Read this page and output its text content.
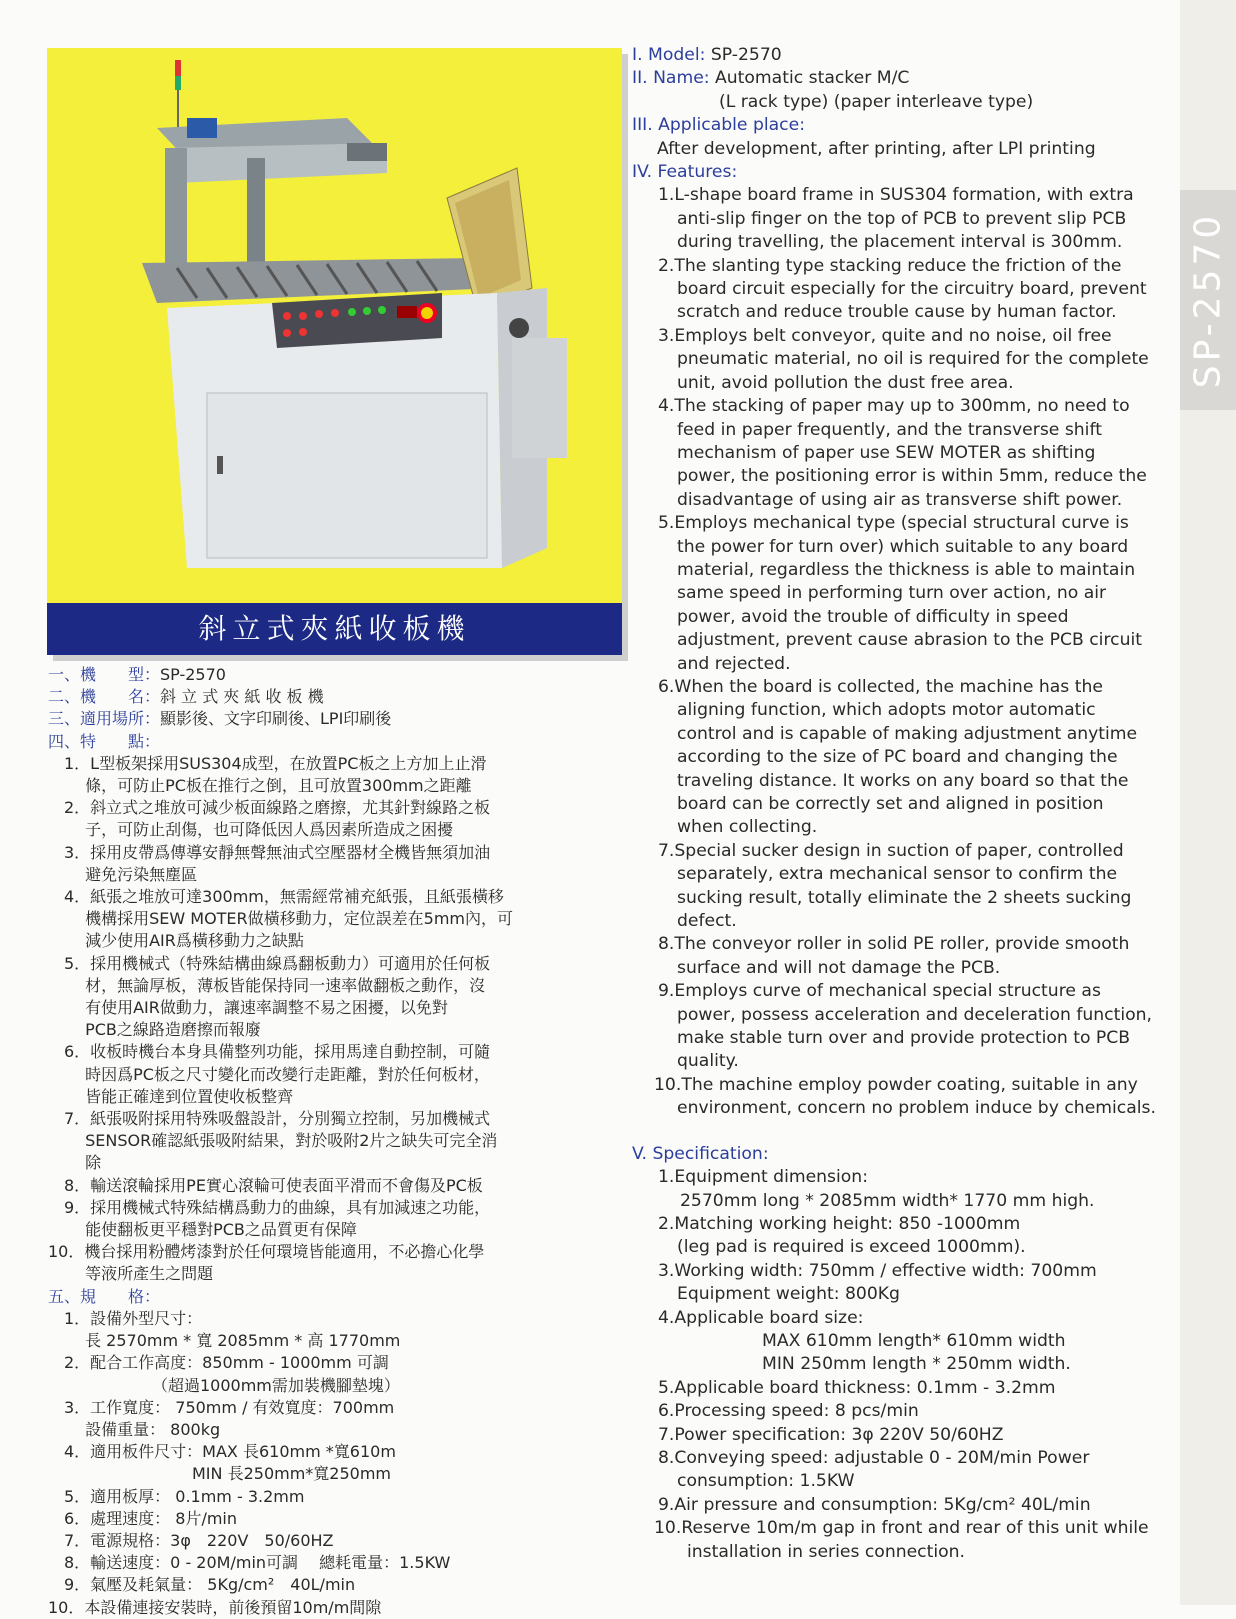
SP-2570
斜立式夾紙收板機
一、機　　型：SP-2570
二、機　　名：斜 立 式 夾 紙 收 板 機
三、適用場所：顯影後、文字印刷後、LPI印刷後
四、特　　點：
　1．L型板架採用SUS304成型，在放置PC板之上方加上止滑
　　 條，可防止PC板在推行之倒，且可放置300mm之距離
　2．斜立式之堆放可減少板面線路之磨擦，尤其針對線路之板
　　 子，可防止刮傷，也可降低因人爲因素所造成之困擾
　3．採用皮帶爲傳導安靜無聲無油式空壓器材全機皆無須加油
　　 避免污染無塵區
　4．紙張之堆放可達300mm，無需經常補充紙張，且紙張橫移
　　 機構採用SEW MOTER做橫移動力，定位誤差在5mm內，可
　　 減少使用AIR爲橫移動力之缺點
　5．採用機械式（特殊結構曲線爲翻板動力）可適用於任何板
　　 材，無論厚板，薄板皆能保持同一速率做翻板之動作，沒
　　 有使用AIR做動力，讓速率調整不易之困擾，以免對
　　 PCB之線路造磨擦而報廢
　6．收板時機台本身具備整列功能，採用馬達自動控制，可隨
　　 時因爲PC板之尺寸變化而改變行走距離，對於任何板材，
　　 皆能正確達到位置使收板整齊
　7．紙張吸附採用特殊吸盤設計，分別獨立控制，另加機械式
　　 SENSOR確認紙張吸附結果，對於吸附2片之缺失可完全消
　　 除
　8．輸送滾輪採用PE實心滾輪可使表面平滑而不會傷及PC板
　9．採用機械式特殊結構爲動力的曲線，具有加減速之功能，
　　 能使翻板更平穩對PCB之品質更有保障
10．機台採用粉體烤漆對於任何環境皆能適用，不必擔心化學
　　 等液所產生之問題
五、規　　格：
　1．設備外型尺寸：
　　 長 2570mm * 寬 2085mm * 高 1770mm
　2．配合工作高度：850mm - 1000mm 可調
　　　　　　　（超過1000mm需加裝機腳墊塊）
　3．工作寬度： 750mm / 有效寬度：700mm
　　 設備重量： 800kg
　4．適用板件尺寸：MAX 長610mm *寬610m
　　　　　　　　　MIN 長250mm*寬250mm
　5．適用板厚： 0.1mm - 3.2mm
　6．處理速度： 8片/min
　7．電源規格：3φ　220V　50/60HZ
　8．輸送速度：0 - 20M/min可調　 總耗電量：1.5KW
　9．氣壓及耗氣量： 5Kg/cm²　40L/min
10．本設備連接安裝時，前後預留10m/m間隙
I. Model: SP-2570
II. Name: Automatic stacker M/C
(L rack type) (paper interleave type)
III. Applicable place:
After development, after printing, after LPI printing
IV. Features:
1.L-shape board frame in SUS304 formation, with extra
anti-slip finger on the top of PCB to prevent slip PCB
during travelling, the placement interval is 300mm.
2.The slanting type stacking reduce the friction of the
board circuit especially for the circuitry board, prevent
scratch and reduce trouble cause by human factor.
3.Employs belt conveyor, quite and no noise, oil free
pneumatic material, no oil is required for the complete
unit, avoid pollution the dust free area.
4.The stacking of paper may up to 300mm, no need to
feed in paper frequently, and the transverse shift
mechanism of paper use SEW MOTER as shifting
power, the positioning error is within 5mm, reduce the
disadvantage of using air as transverse shift power.
5.Employs mechanical type (special structural curve is
the power for turn over) which suitable to any board
material, regardless the thickness is able to maintain
same speed in performing turn over action, no air
power, avoid the trouble of difficulty in speed
adjustment, prevent cause abrasion to the PCB circuit
and rejected.
6.When the board is collected, the machine has the
aligning function, which adopts motor automatic
control and is capable of making adjustment anytime
according to the size of PC board and changing the
traveling distance. It works on any board so that the
board can be correctly set and aligned in position
when collecting.
7.Special sucker design in suction of paper, controlled
separately, extra mechanical sensor to confirm the
sucking result, totally eliminate the 2 sheets sucking
defect.
8.The conveyor roller in solid PE roller, provide smooth
surface and will not damage the PCB.
9.Employs curve of mechanical special structure as
power, possess acceleration and deceleration function,
make stable turn over and provide protection to PCB
quality.
10.The machine employ powder coating, suitable in any
environment, concern no problem induce by chemicals.
V. Specification:
1.Equipment dimension:
2570mm long * 2085mm width* 1770 mm high.
2.Matching working height: 850 -1000mm
(leg pad is required is exceed 1000mm).
3.Working width: 750mm / effective width: 700mm
Equipment weight: 800Kg
4.Applicable board size:
MAX 610mm length* 610mm width
MIN 250mm length * 250mm width.
5.Applicable board thickness: 0.1mm - 3.2mm
6.Processing speed: 8 pcs/min
7.Power specification: 3φ 220V 50/60HZ
8.Conveying speed: adjustable 0 - 20M/min Power
consumption: 1.5KW
9.Air pressure and consumption: 5Kg/cm² 40L/min
10.Reserve 10m/m gap in front and rear of this unit while
installation in series connection.
